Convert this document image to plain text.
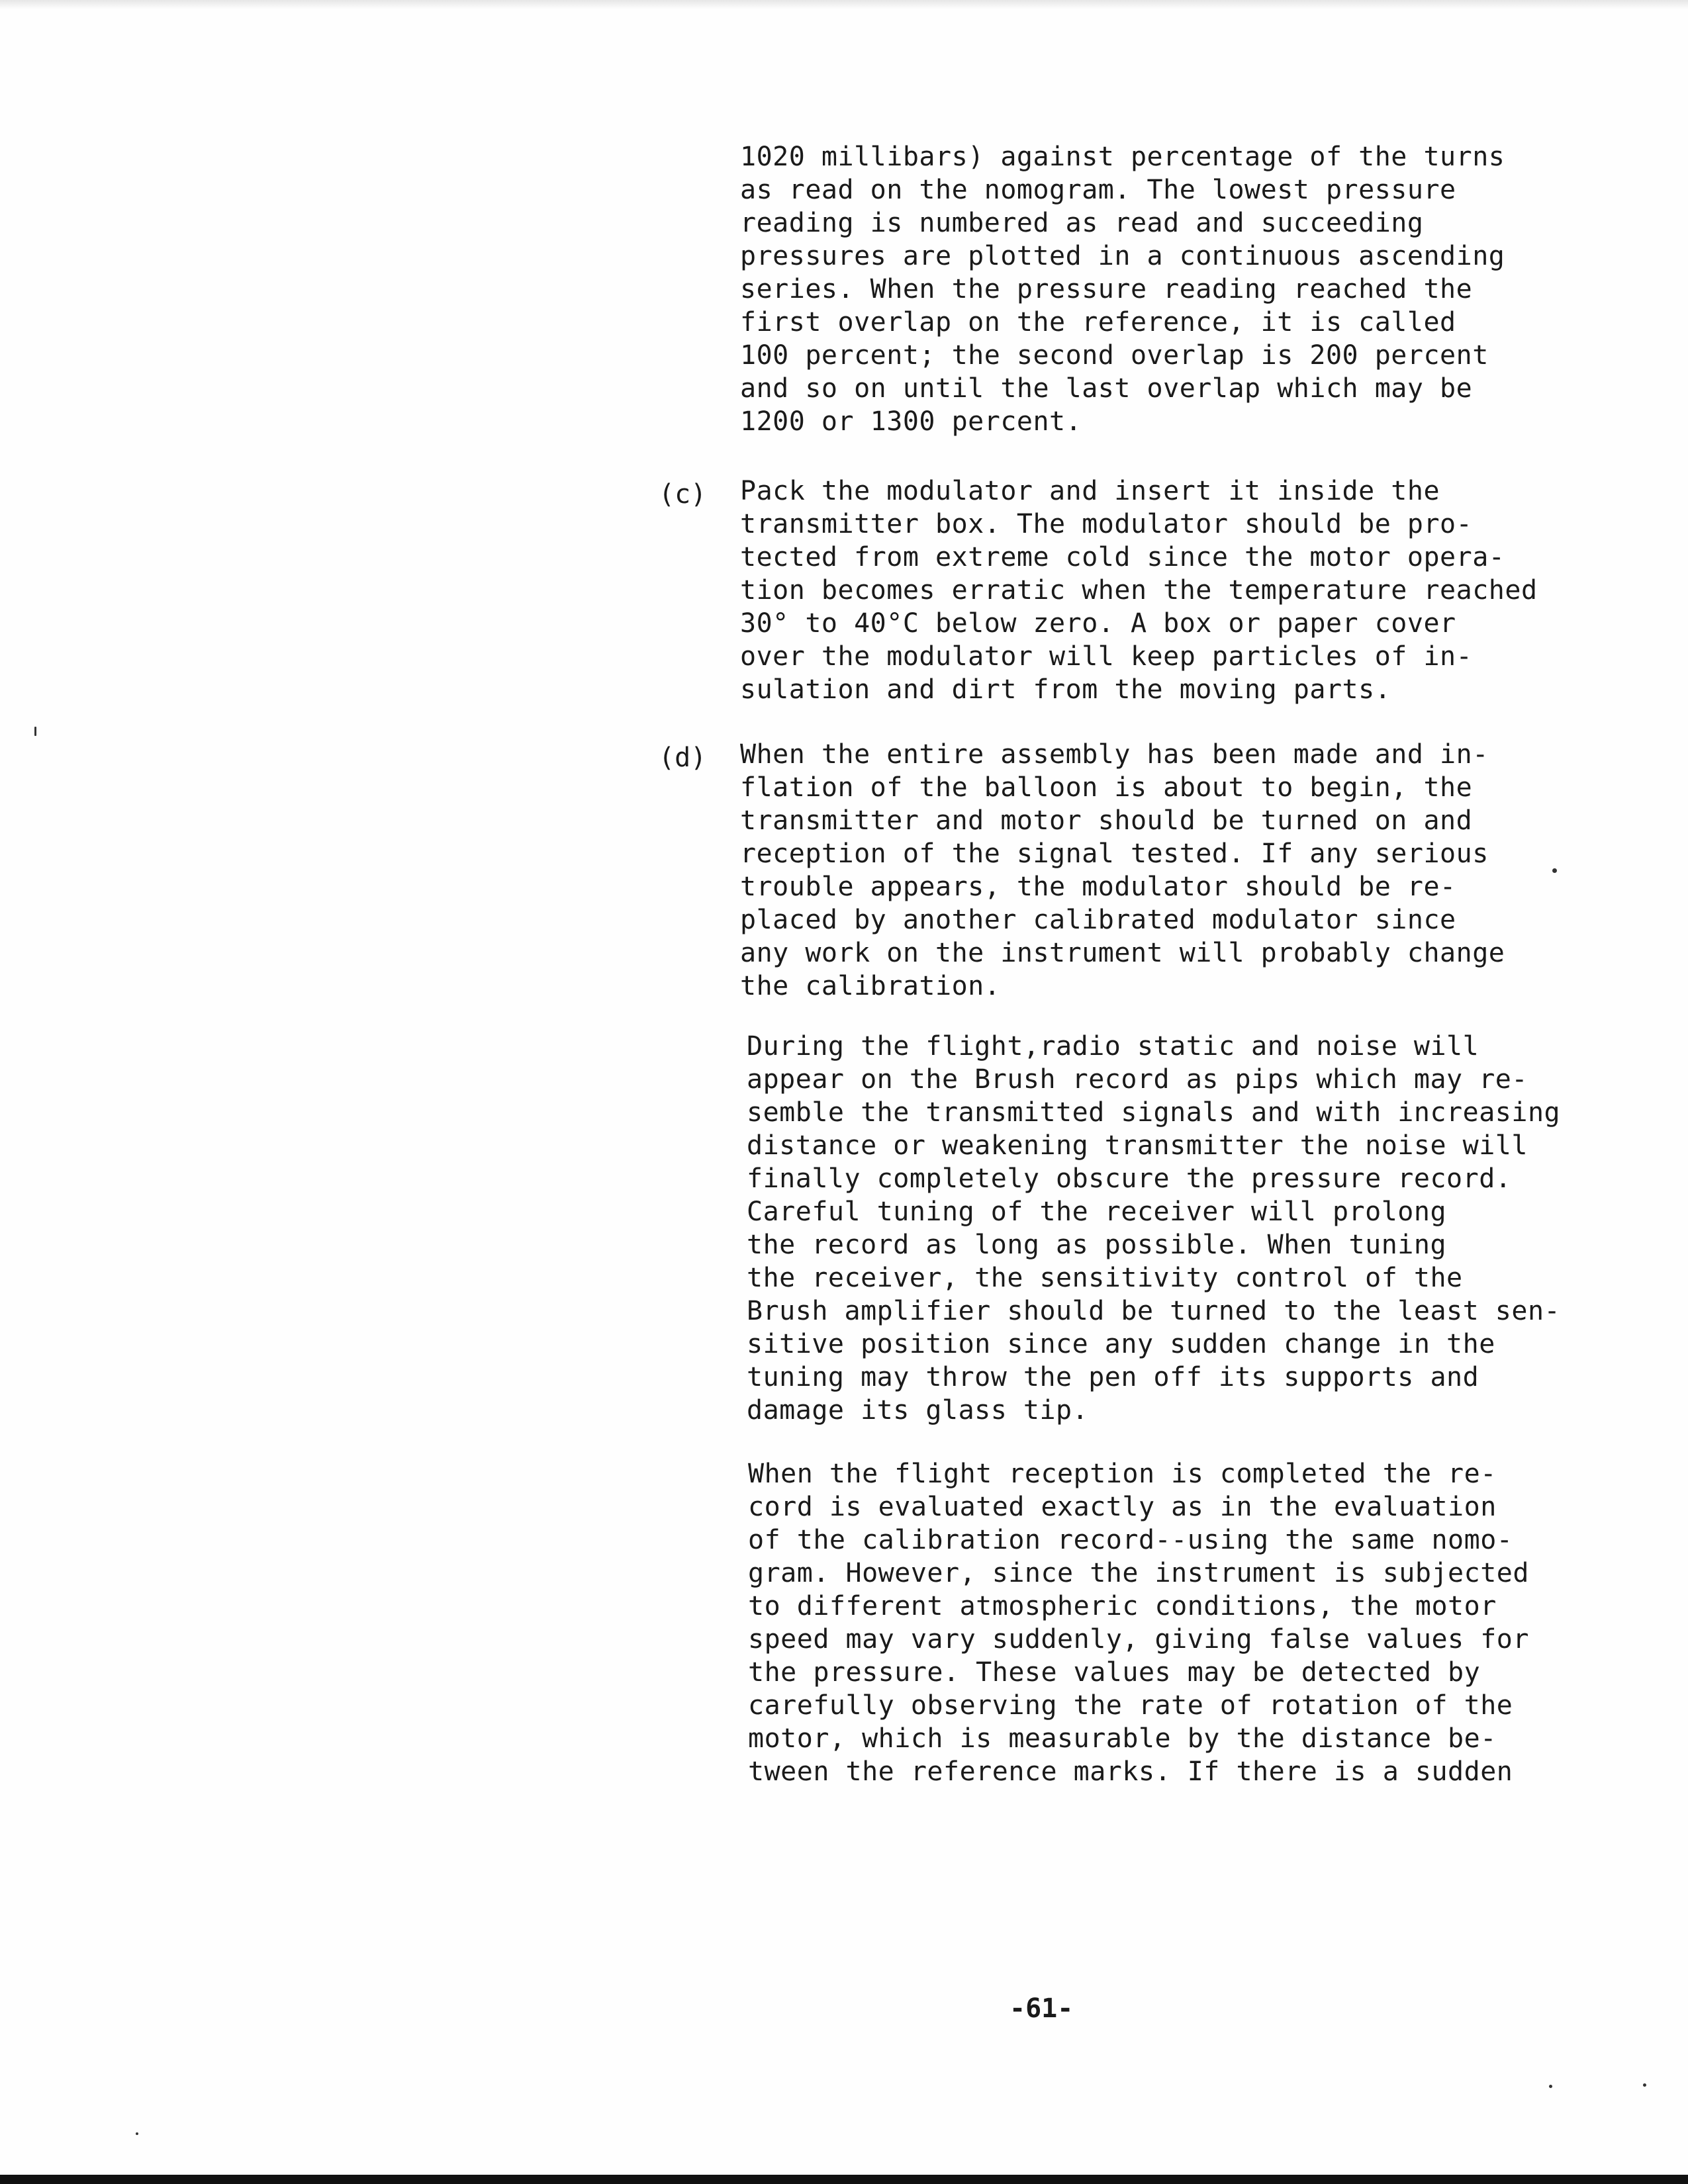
1020 millibars) against percentage of the turns
as read on the nomogram. The lowest pressure
reading is numbered as read and succeeding
pressures are plotted in a continuous ascending
series. When the pressure reading reached the
first overlap on the reference, it is called
100 percent; the second overlap is 200 percent
and so on until the last overlap which may be
1200 or 1300 percent.
(c) Pack the modulator and insert it inside the
transmitter box. The modulator should be pro-
tected from extreme cold since the motor opera-
tion becomes erratic when the temperature reached
30° to 40°C below zero. A box or paper cover
over the modulator will keep particles of in-
sulation and dirt from the moving parts.
(d) When the entire assembly has been made and in-
flation of the balloon is about to begin, the
transmitter and motor should be turned on and
reception of the signal tested. If any serious
trouble appears, the modulator should be re-
placed by another calibrated modulator since
any work on the instrument will probably change
the calibration.
During the flight,radio static and noise will
appear on the Brush record as pips which may re-
semble the transmitted signals and with increasing
distance or weakening transmitter the noise will
finally completely obscure the pressure record.
Careful tuning of the receiver will prolong
the record as long as possible. When tuning
the receiver, the sensitivity control of the
Brush amplifier should be turned to the least sen-
sitive position since any sudden change in the
tuning may throw the pen off its supports and
damage its glass tip.
When the flight reception is completed the re-
cord is evaluated exactly as in the evaluation
of the calibration record--using the same nomo-
gram. However, since the instrument is subjected
to different atmospheric conditions, the motor
speed may vary suddenly, giving false values for
the pressure. These values may be detected by
carefully observing the rate of rotation of the
motor, which is measurable by the distance be-
tween the reference marks. If there is a sudden
-61-
